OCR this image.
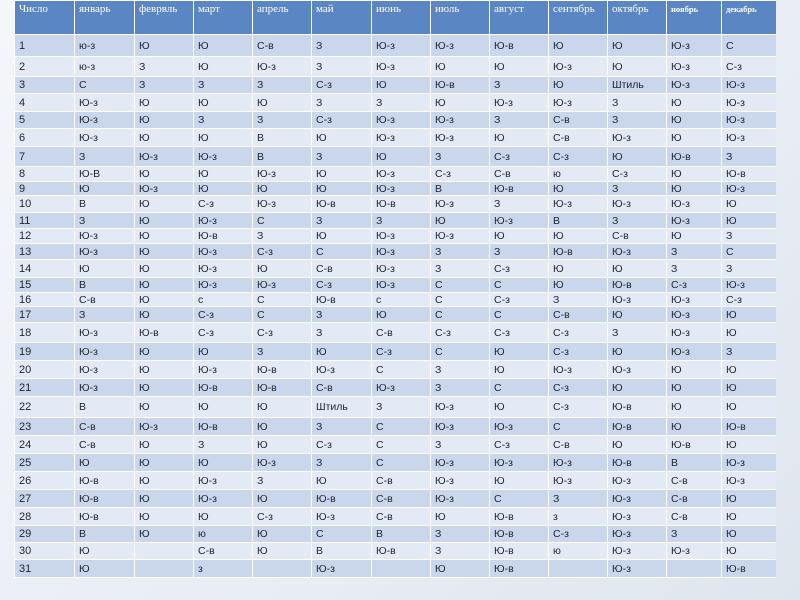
Число	январь	феврвль	март	апрель	май	июнь	июль	август	сентябрь	октябрь	ноябрь	декабрь
1	ю-з	Ю	Ю	С-в	З	Ю-з	Ю-з	Ю-в	Ю	Ю	Ю-з	С
2	ю-з	З	Ю	Ю-з	З	Ю-з	Ю	Ю	Ю-з	Ю	Ю-з	С-з
3	С	З	З	З	С-з	Ю	Ю-в	З	Ю	Штиль	Ю-з	Ю-з
4	Ю-з	Ю	Ю	Ю	З	З	Ю	Ю-з	Ю-з	З	Ю	Ю-з
5	Ю-з	Ю	З	З	С-з	Ю-з	Ю-з	З	С-в	З	Ю	Ю-з
6	Ю-з	Ю	Ю	В	Ю	Ю-з	Ю-з	Ю	С-в	Ю-з	Ю	Ю-з
7	З	Ю-з	Ю-з	В	З	Ю	З	С-з	С-з	Ю	Ю-в	З
8	Ю-В	Ю	Ю	Ю-з	Ю	Ю-з	С-з	С-в	ю	С-з	Ю	Ю-в
9	Ю	Ю-з	Ю	Ю	Ю	Ю-з	В	Ю-в	Ю	З	Ю	Ю-з
10	В	Ю	С-з	Ю-з	Ю-в	Ю-в	Ю-з	З	Ю-з	Ю-з	Ю-з	Ю
11	З	Ю	Ю-з	С	З	З	Ю	Ю-з	В	З	Ю-з	Ю
12	Ю-з	Ю	Ю-в	З	Ю	Ю-з	Ю-з	Ю	Ю	С-в	Ю	З
13	Ю-з	Ю	Ю-з	С-з	С	Ю-з	З	З	Ю-в	Ю-з	З	С
14	Ю	Ю	Ю-з	Ю	С-в	Ю-з	З	С-з	Ю	Ю	З	З
15	В	Ю	Ю-з	Ю-з	С-з	Ю-з	С	С	Ю	Ю-в	С-з	Ю-з
16	С-в	Ю	с	С	Ю-в	с	С	С-з	З	Ю-з	Ю-з	С-з
17	З	Ю	С-з	С	З	Ю	С	С	С-в	Ю	Ю-з	Ю
18	Ю-з	Ю-в	С-з	С-з	З	С-в	С-з	С-з	С-з	З	Ю-з	Ю
19	Ю-з	Ю	Ю	З	Ю	С-з	С	Ю	С-з	Ю	Ю-з	З
20	Ю-з	Ю	Ю-з	Ю-в	Ю-з	С	З	Ю	Ю-з	Ю-з	Ю	Ю
21	Ю-з	Ю	Ю-в	Ю-в	С-в	Ю-з	З	С	С-з	Ю	Ю	Ю
22	В	Ю	Ю	Ю	Штиль	З	Ю-з	Ю	С-з	Ю-в	Ю	Ю
23	С-в	Ю-з	Ю-в	Ю	З	С	Ю-з	Ю-з	С	Ю-в	Ю	Ю-в
24	С-в	Ю	З	Ю	С-з	С	З	С-з	С-в	Ю	Ю-в	Ю
25	Ю	Ю	Ю	Ю-з	З	С	Ю-з	Ю-з	Ю-з	Ю-в	В	Ю-з
26	Ю-в	Ю	Ю-з	З	Ю	С-в	Ю-з	Ю	Ю-з	Ю-з	С-в	Ю-з
27	Ю-в	Ю	Ю-з	Ю	Ю-в	С-в	Ю-з	С	З	Ю-з	С-в	Ю
28	Ю-в	Ю	Ю	С-з	Ю-з	С-в	Ю	Ю-в	з	Ю-з	С-в	Ю
29	В	Ю	ю	Ю	С	В	З	Ю-в	С-з	Ю-з	З	Ю
30	Ю		С-в	Ю	В	Ю-в	З	Ю-в	ю	Ю-з	Ю-з	Ю
31	Ю		з		Ю-з		Ю	Ю-в		Ю-з		Ю-в
